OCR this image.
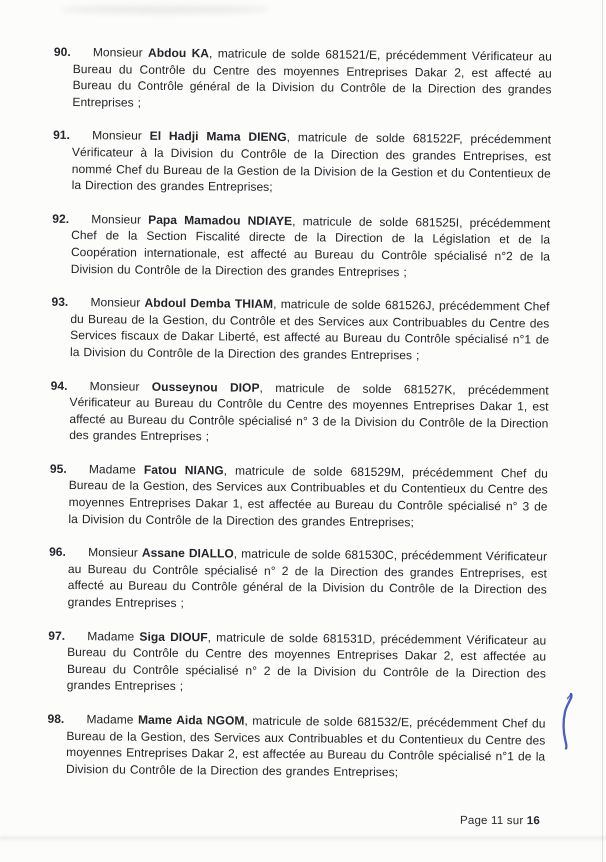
90. Monsieur Abdou KA, matricule de solde 681521/E, précédemment Vérificateur au Bureau du Contrôle du Centre des moyennes Entreprises Dakar 2, est affecté au Bureau du Contrôle général de la Division du Contrôle de la Direction des grandes Entreprises ;

91. Monsieur El Hadji Mama DIENG, matricule de solde 681522F, précédemment Vérificateur à la Division du Contrôle de la Direction des grandes Entreprises, est nommé Chef du Bureau de la Gestion de la Division de la Gestion et du Contentieux de la Direction des grandes Entreprises;

92. Monsieur Papa Mamadou NDIAYE, matricule de solde 681525I, précédemment Chef de la Section Fiscalité directe de la Direction de la Législation et de la Coopération internationale, est affecté au Bureau du Contrôle spécialisé n°2 de la Division du Contrôle de la Direction des grandes Entreprises ;

93. Monsieur Abdoul Demba THIAM, matricule de solde 681526J, précédemment Chef du Bureau de la Gestion, du Contrôle et des Services aux Contribuables du Centre des Services fiscaux de Dakar Liberté, est affecté au Bureau du Contrôle spécialisé n°1 de la Division du Contrôle de la Direction des grandes Entreprises ;

94. Monsieur Ousseynou DIOP, matricule de solde 681527K, précédemment Vérificateur au Bureau du Contrôle du Centre des moyennes Entreprises Dakar 1, est affecté au Bureau du Contrôle spécialisé n° 3 de la Division du Contrôle de la Direction des grandes Entreprises ;

95. Madame Fatou NIANG, matricule de solde 681529M, précédemment Chef du Bureau de la Gestion, des Services aux Contribuables et du Contentieux du Centre des moyennes Entreprises Dakar 1, est affectée au Bureau du Contrôle spécialisé n° 3 de la Division du Contrôle de la Direction des grandes Entreprises;

96. Monsieur Assane DIALLO, matricule de solde 681530C, précédemment Vérificateur au Bureau du Contrôle spécialisé n° 2 de la Direction des grandes Entreprises, est affecté au Bureau du Contrôle général de la Division du Contrôle de la Direction des grandes Entreprises ;

97. Madame Siga DIOUF, matricule de solde 681531D, précédemment Vérificateur au Bureau du Contrôle du Centre des moyennes Entreprises Dakar 2, est affectée au Bureau du Contrôle spécialisé n° 2 de la Division du Contrôle de la Direction des grandes Entreprises ;

98. Madame Mame Aida NGOM, matricule de solde 681532/E, précédemment Chef du Bureau de la Gestion, des Services aux Contribuables et du Contentieux du Centre des moyennes Entreprises Dakar 2, est affectée au Bureau du Contrôle spécialisé n°1 de la Division du Contrôle de la Direction des grandes Entreprises;

Page 11 sur 16
